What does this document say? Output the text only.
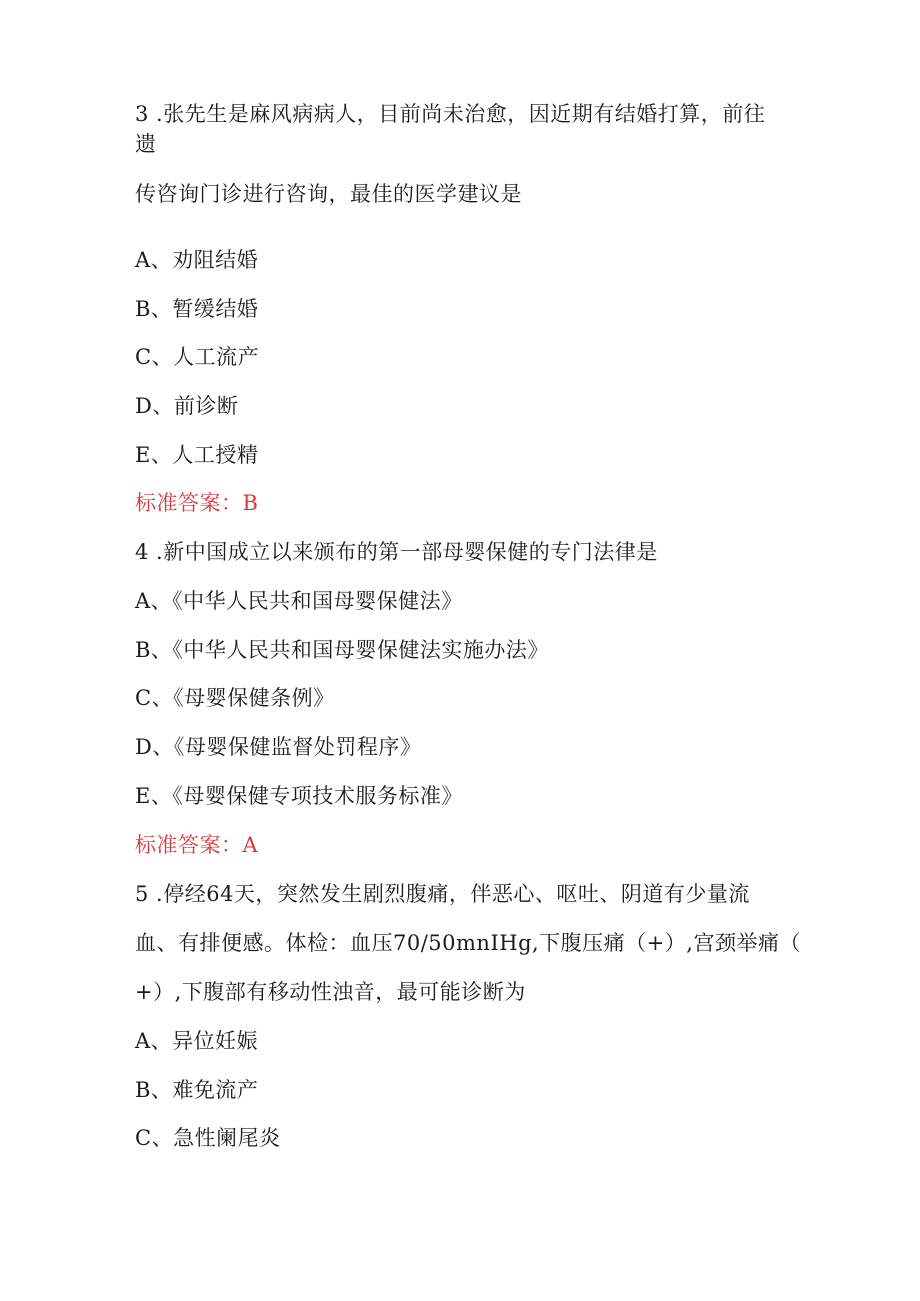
3 .张先生是麻风病病人，目前尚未治愈，因近期有结婚打算，前往
遗
传咨询门诊进行咨询，最佳的医学建议是
A、劝阻结婚
B、暂缓结婚
C、人工流产
D、前诊断
E、人工授精
标准答案：B
4 .新中国成立以来颁布的第一部母婴保健的专门法律是
A、《中华人民共和国母婴保健法》
B、《中华人民共和国母婴保健法实施办法》
C、《母婴保健条例》
D、《母婴保健监督处罚程序》
E、《母婴保健专项技术服务标准》
标准答案：A
5 .停经64天，突然发生剧烈腹痛，伴恶心、呕吐、阴道有少量流
血、有排便感。体检：血压70/50mnIHg,下腹压痛（+）,宫颈举痛（
+）,下腹部有移动性浊音，最可能诊断为
A、异位妊娠
B、难免流产
C、急性阑尾炎
